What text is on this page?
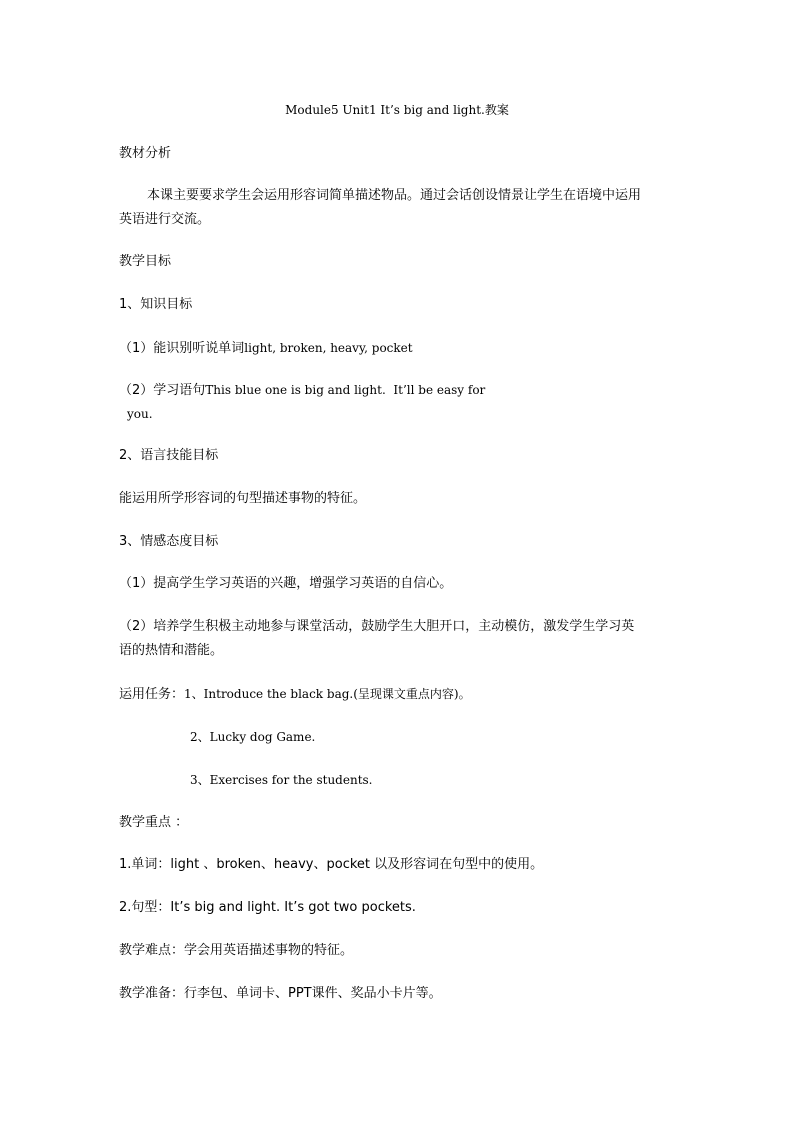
Module5 Unit1 It’s big and light.教案
教材分析
本课主要要求学生会运用形容词简单描述物品。通过会话创设情景让学生在语境中运用
英语进行交流。
教学目标
1、知识目标
（1）能识别听说单词light, broken, heavy, pocket
（2）学习语句This blue one is big and light.  It’ll be easy for
you.
2、语言技能目标
能运用所学形容词的句型描述事物的特征。
3、情感态度目标
（1）提高学生学习英语的兴趣，增强学习英语的自信心。
（2）培养学生积极主动地参与课堂活动，鼓励学生大胆开口，主动模仿，激发学生学习英
语的热情和潜能。
运用任务：1、Introduce the black bag.(呈现课文重点内容)。
2、Lucky dog Game.
3、Exercises for the students.
教学重点 ：
1.单词：light 、broken、heavy、pocket 以及形容词在句型中的使用。
2.句型：It’s big and light. It’s got two pockets.
教学难点：学会用英语描述事物的特征。
教学准备：行李包、单词卡、PPT课件、奖品小卡片等。
